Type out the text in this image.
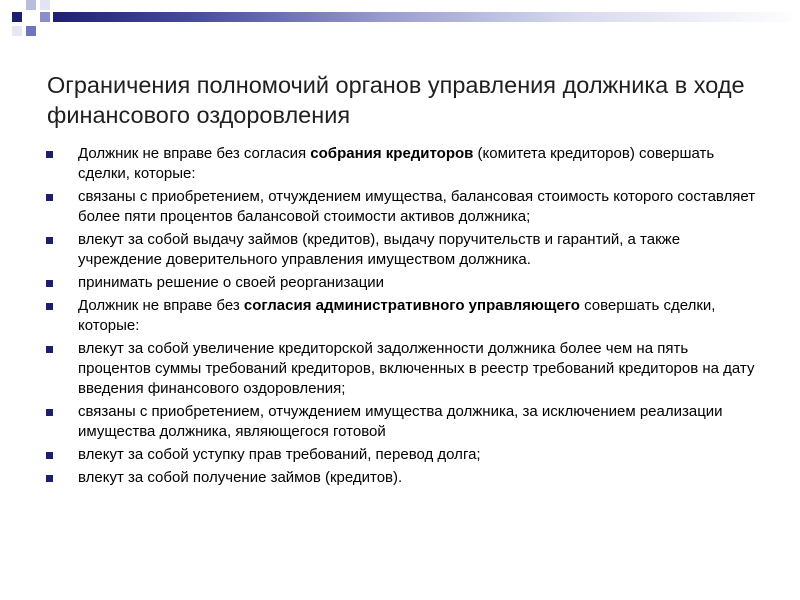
Ограничения полномочий органов управления должника в ходе финансового оздоровления
Должник не вправе без согласия собрания кредиторов (комитета кредиторов) совершать сделки, которые:
связаны с приобретением, отчуждением имущества, балансовая стоимость которого составляет более пяти процентов балансовой стоимости активов должника;
влекут за собой выдачу займов (кредитов), выдачу поручительств и гарантий, а также учреждение доверительного управления имуществом должника.
принимать решение о своей реорганизации
Должник не вправе без согласия административного управляющего совершать сделки, которые:
влекут за собой увеличение кредиторской задолженности должника более чем на пять процентов суммы требований кредиторов, включенных в реестр требований кредиторов на дату введения финансового оздоровления;
связаны с приобретением, отчуждением имущества должника, за исключением реализации имущества должника, являющегося готовой
влекут за собой уступку прав требований, перевод долга;
влекут за собой получение займов (кредитов).
